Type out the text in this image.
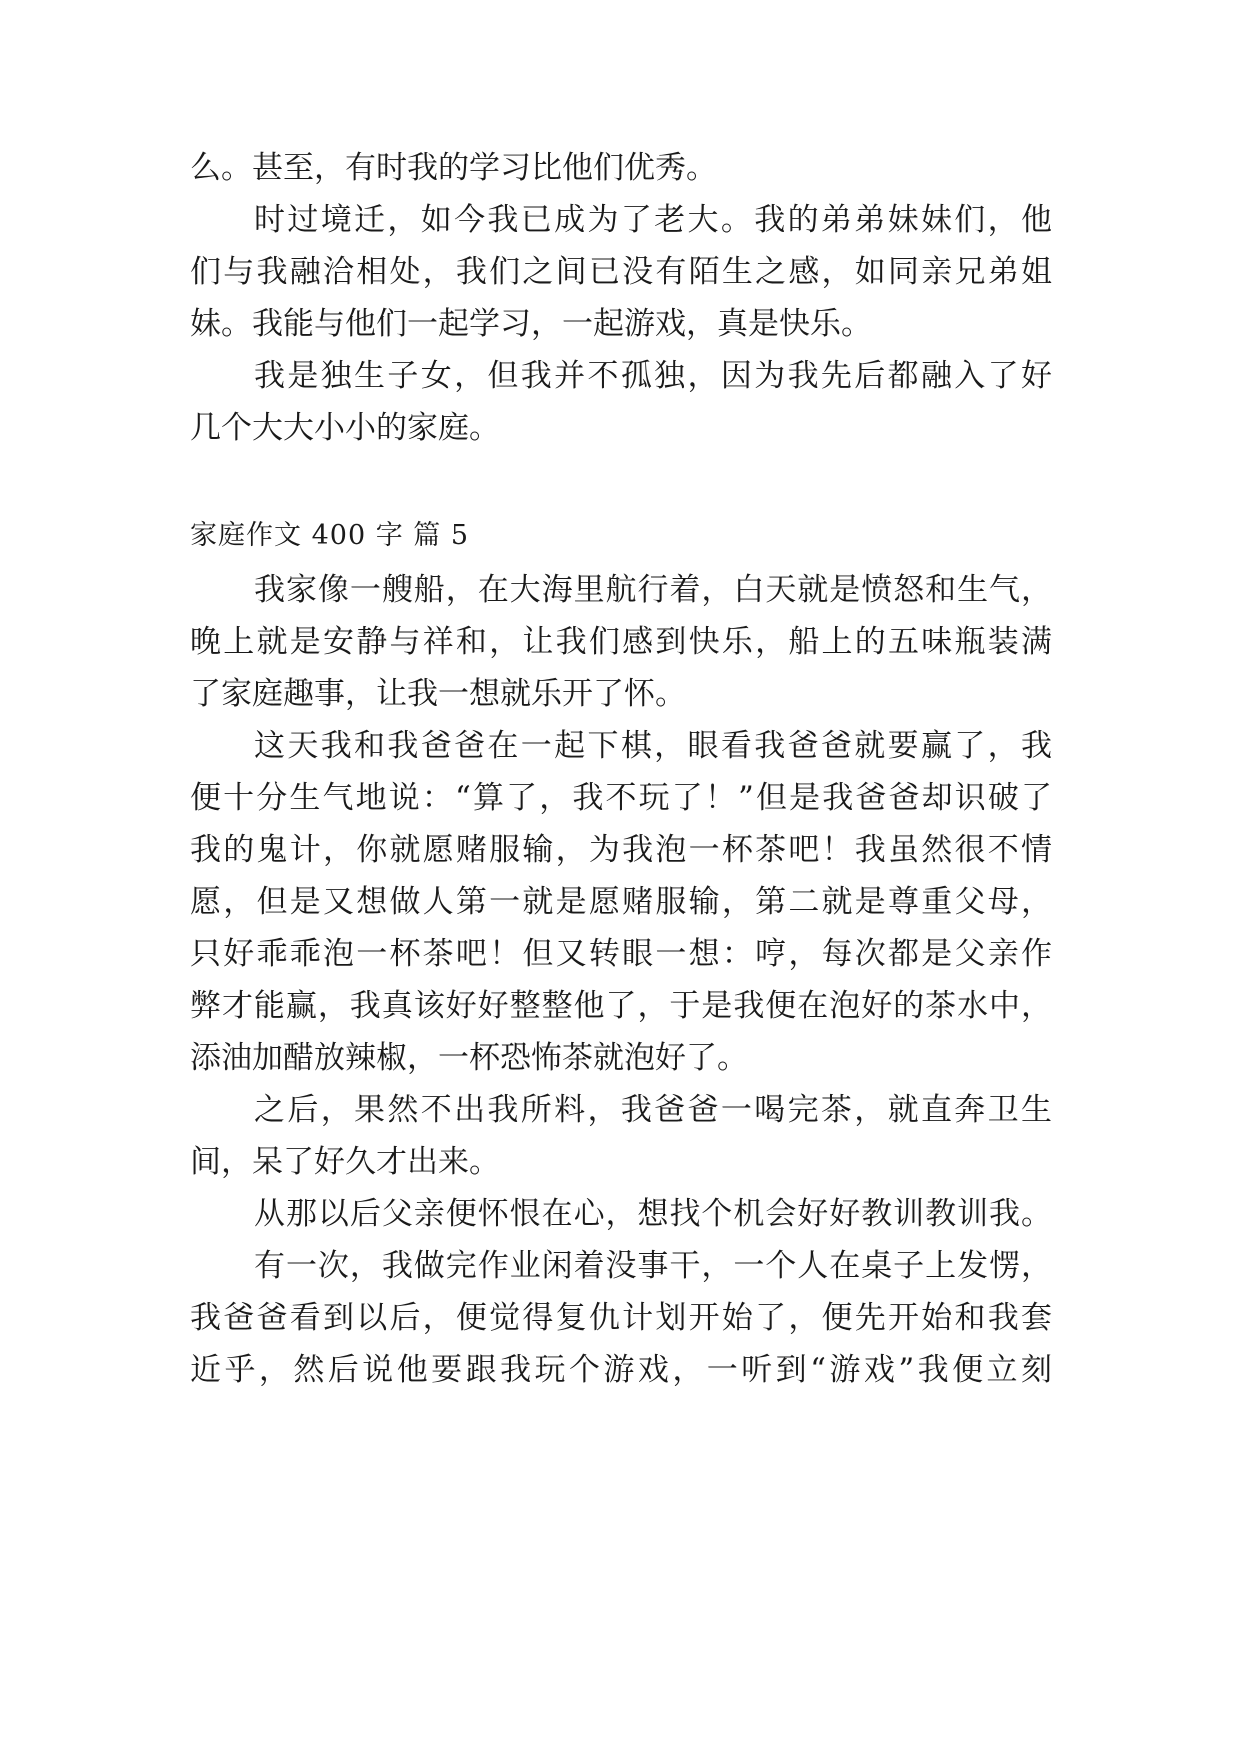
么。甚至，有时我的学习比他们优秀。
时过境迁，如今我已成为了老大。我的弟弟妹妹们，他
们与我融洽相处，我们之间已没有陌生之感，如同亲兄弟姐
妹。我能与他们一起学习，一起游戏，真是快乐。
我是独生子女，但我并不孤独，因为我先后都融入了好
几个大大小小的家庭。
家庭作文 400 字 篇 5
我家像一艘船，在大海里航行着，白天就是愤怒和生气，
晚上就是安静与祥和，让我们感到快乐，船上的五味瓶装满
了家庭趣事，让我一想就乐开了怀。
这天我和我爸爸在一起下棋，眼看我爸爸就要赢了，我
便十分生气地说：“算了，我不玩了！”但是我爸爸却识破了
我的鬼计，你就愿赌服输，为我泡一杯茶吧！我虽然很不情
愿，但是又想做人第一就是愿赌服输，第二就是尊重父母，
只好乖乖泡一杯茶吧！但又转眼一想：哼，每次都是父亲作
弊才能赢，我真该好好整整他了，于是我便在泡好的茶水中，
添油加醋放辣椒，一杯恐怖茶就泡好了。
之后，果然不出我所料，我爸爸一喝完茶，就直奔卫生
间，呆了好久才出来。
从那以后父亲便怀恨在心，想找个机会好好教训教训我。
有一次，我做完作业闲着没事干，一个人在桌子上发愣，
我爸爸看到以后，便觉得复仇计划开始了，便先开始和我套
近乎，然后说他要跟我玩个游戏，一听到“游戏”我便立刻
